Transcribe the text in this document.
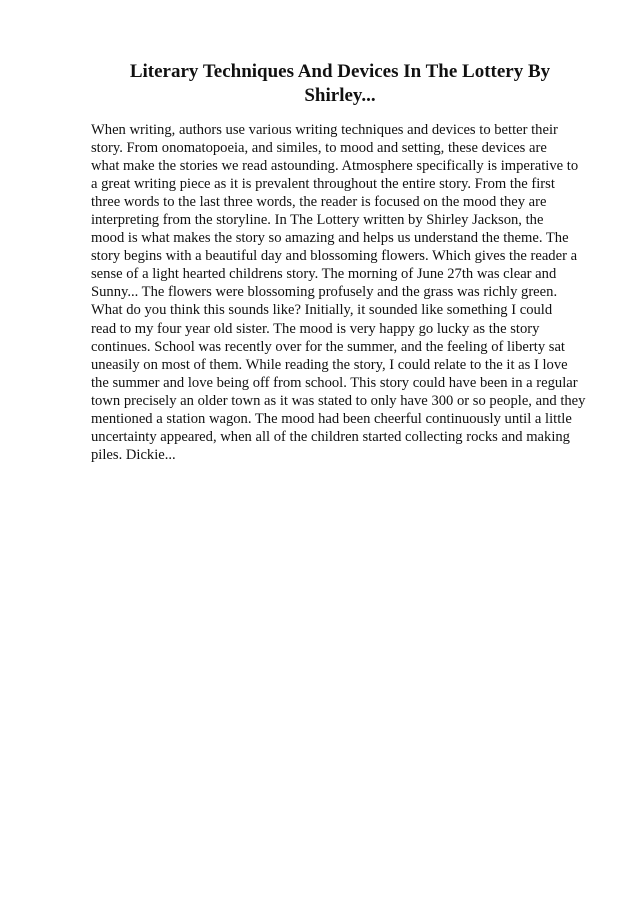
Literary Techniques And Devices In The Lottery By
Shirley...
When writing, authors use various writing techniques and devices to better their
story. From onomatopoeia, and similes, to mood and setting, these devices are
what make the stories we read astounding. Atmosphere specifically is imperative to
a great writing piece as it is prevalent throughout the entire story. From the first
three words to the last three words, the reader is focused on the mood they are
interpreting from the storyline. In The Lottery written by Shirley Jackson, the
mood is what makes the story so amazing and helps us understand the theme. The
story begins with a beautiful day and blossoming flowers. Which gives the reader a
sense of a light hearted childrens story. The morning of June 27th was clear and
Sunny... The flowers were blossoming profusely and the grass was richly green.
What do you think this sounds like? Initially, it sounded like something I could
read to my four year old sister. The mood is very happy go lucky as the story
continues. School was recently over for the summer, and the feeling of liberty sat
uneasily on most of them. While reading the story, I could relate to the it as I love
the summer and love being off from school. This story could have been in a regular
town precisely an older town as it was stated to only have 300 or so people, and they
mentioned a station wagon. The mood had been cheerful continuously until a little
uncertainty appeared, when all of the children started collecting rocks and making
piles. Dickie...
